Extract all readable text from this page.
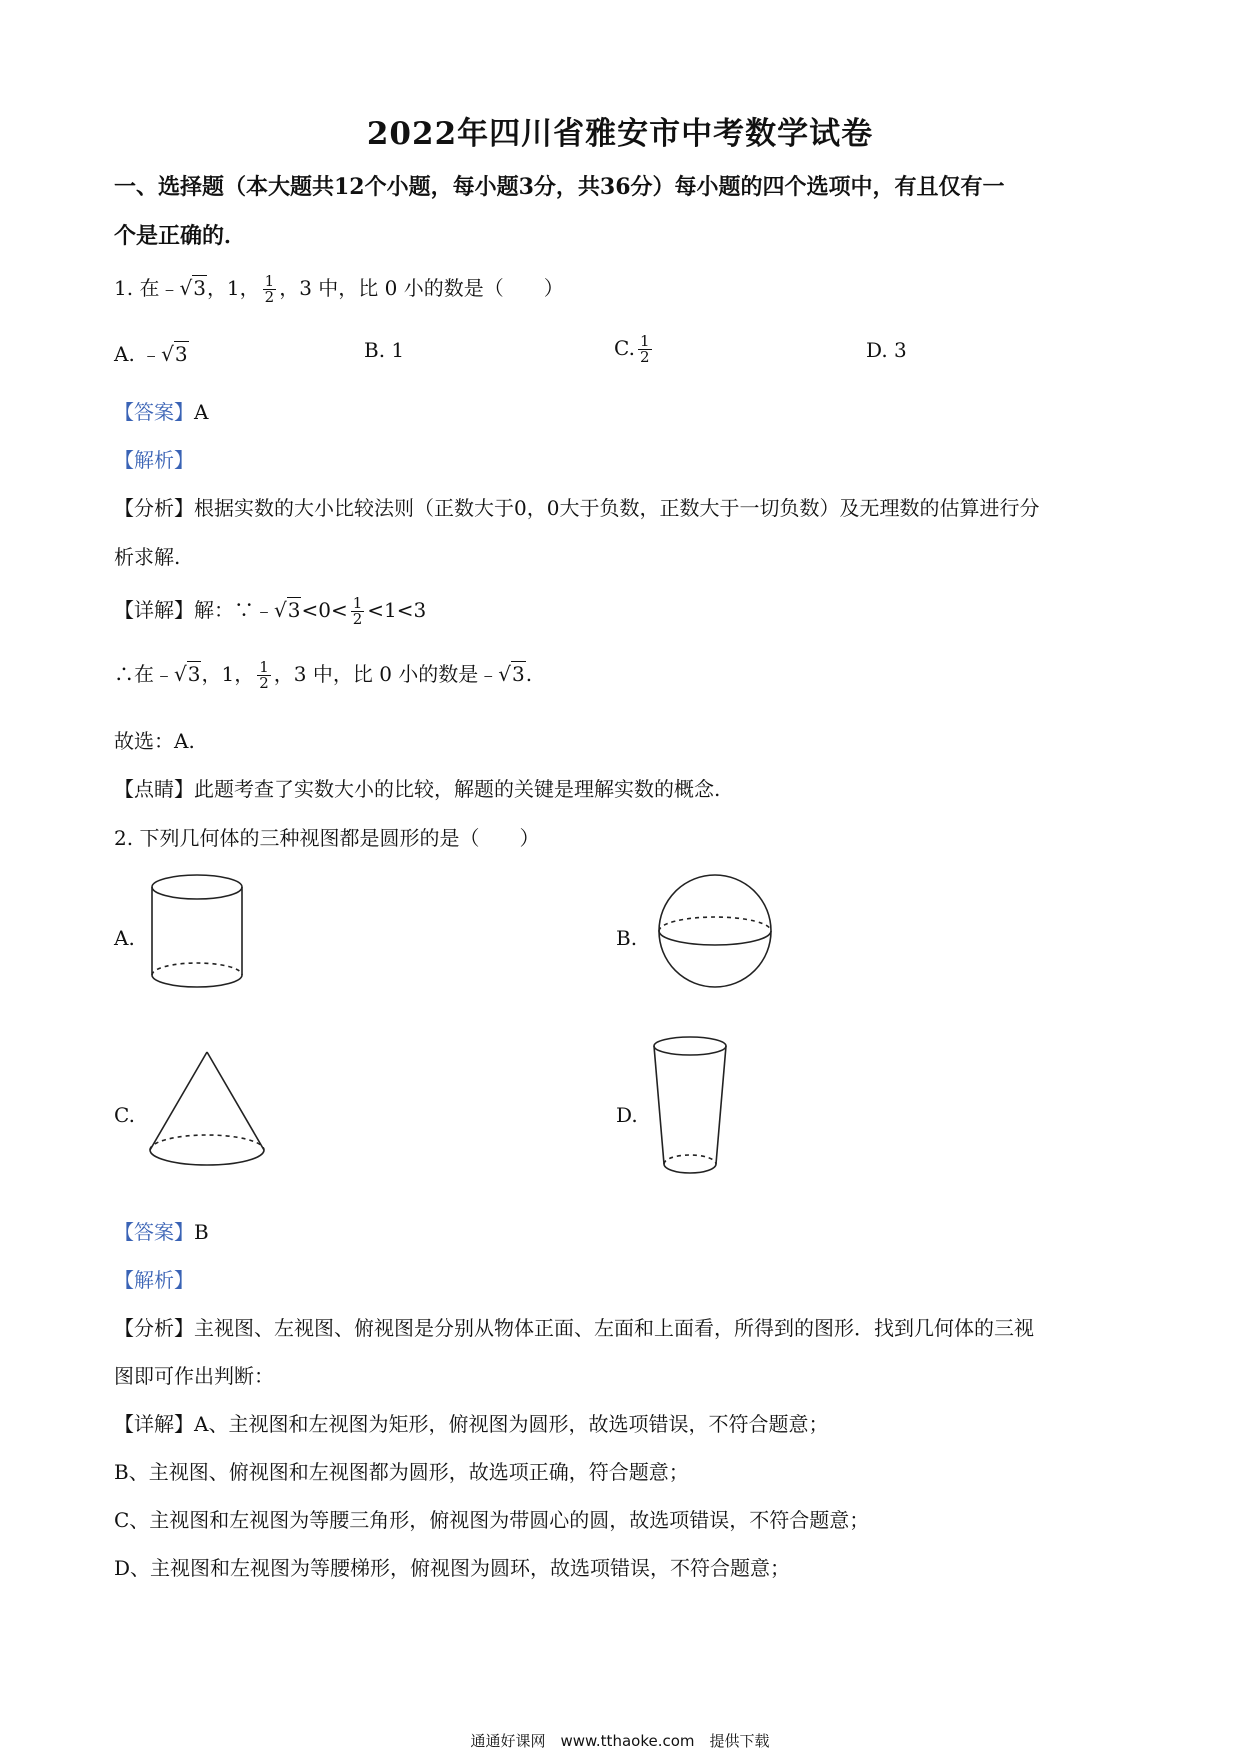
2022年四川省雅安市中考数学试卷
一、选择题（本大题共12个小题，每小题3分，共36分）每小题的四个选项中，有且仅有一
个是正确的．
1. 在﹣√3，1， $\frac{1}{2}$ ，3 中，比 0 小的数是（　　）
A. ﹣√3	B. 1	C. $\frac{1}{2}$	D. 3
【答案】A
【解析】
【分析】根据实数的大小比较法则（正数大于0，0大于负数，正数大于一切负数）及无理数的估算进行分
析求解.
【详解】解：∵﹣√3<0< $\frac{1}{2} <1<3$
∴在﹣√3，1， $\frac{1}{2}$ ，3 中，比 0 小的数是﹣√3.
故选：A.
【点睛】此题考查了实数大小的比较，解题的关键是理解实数的概念.
2. 下列几何体的三种视图都是圆形的是（　　）
A.	B.
C.	D.
【答案】B
【解析】
【分析】主视图、左视图、俯视图是分别从物体正面、左面和上面看，所得到的图形．找到几何体的三视
图即可作出判断：
【详解】A、主视图和左视图为矩形，俯视图为圆形，故选项错误，不符合题意；
B、主视图、俯视图和左视图都为圆形，故选项正确，符合题意；
C、主视图和左视图为等腰三角形，俯视图为带圆心的圆，故选项错误，不符合题意；
D、主视图和左视图为等腰梯形，俯视图为圆环，故选项错误，不符合题意；
通通好课网　www.tthaoke.com　提供下载
